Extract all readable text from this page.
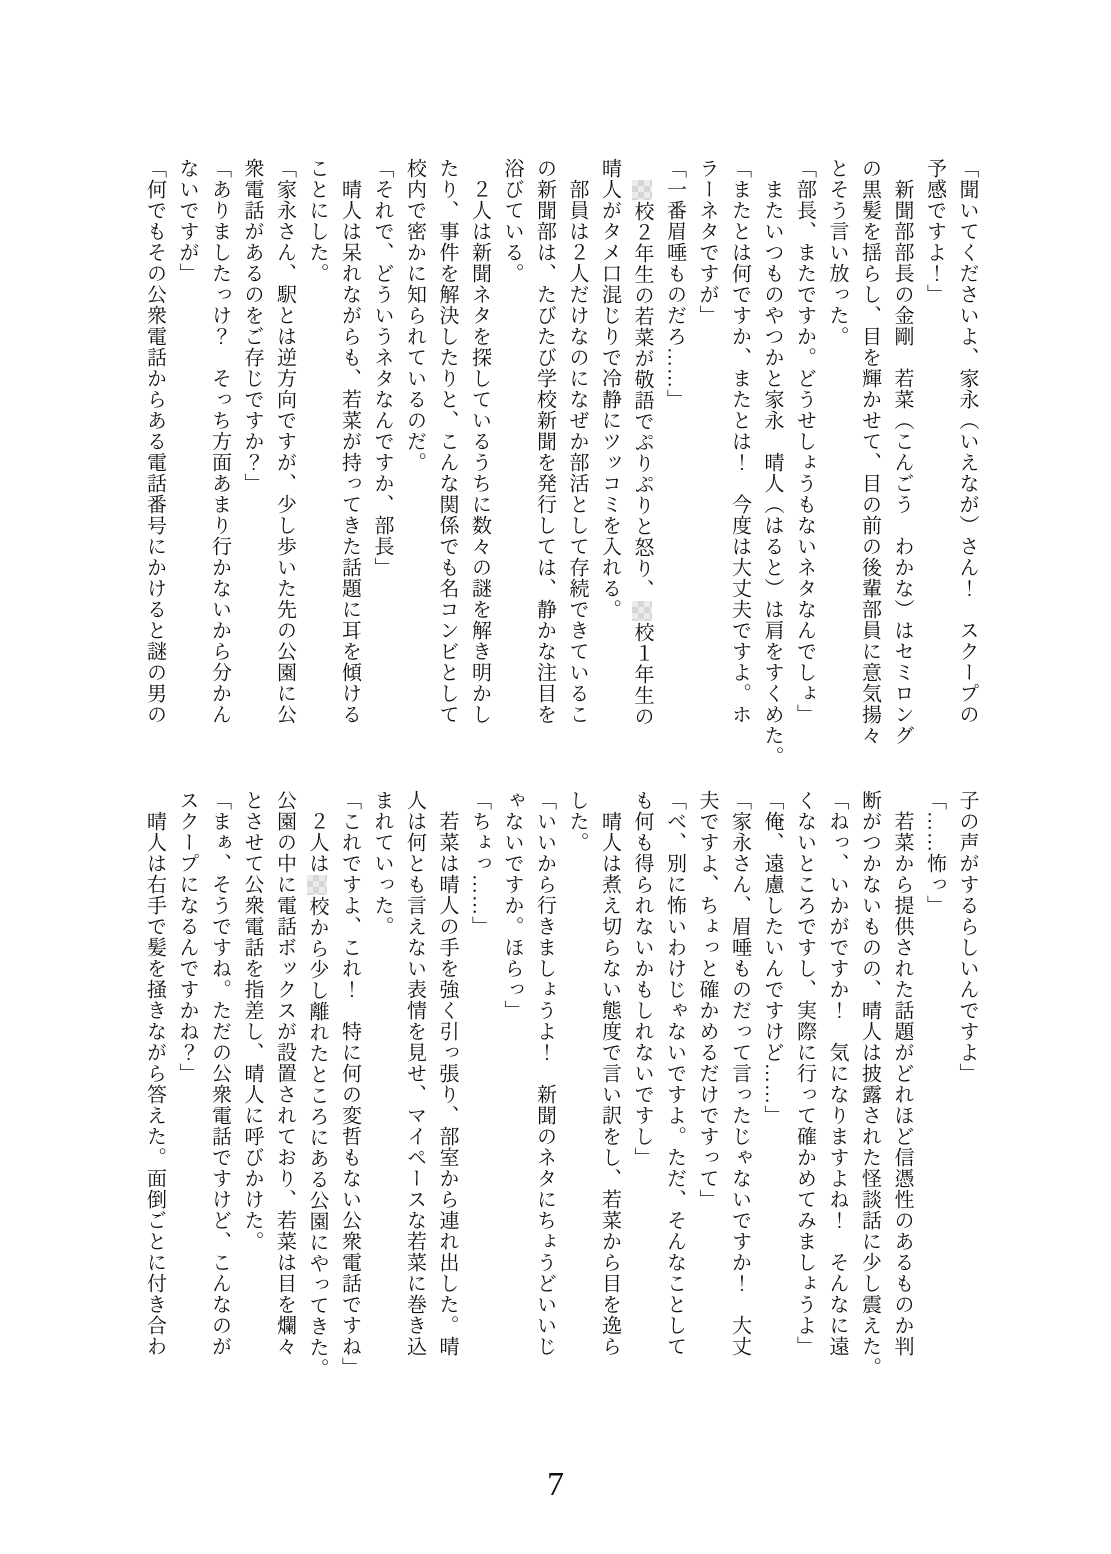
「聞いてくださいよ、家永（いえなが）さん！　スクープの

予感ですよ！」

　新聞部部長の金剛　若菜（こんごう　わかな）はセミロング

の黒髪を揺らし、目を輝かせて、目の前の後輩部員に意気揚々

とそう言い放った。

「部長、またですか。どうせしょうもないネタなんでしょ」

　またいつものやつかと家永　晴人（はると）は肩をすくめた。

「またとは何ですか、またとは！　今度は大丈夫ですよ。ホ

ラーネタですが」

「一番眉唾ものだろ……」

　校２年生の若菜が敬語でぷりぷりと怒り、校１年生の

晴人がタメ口混じりで冷静にツッコミを入れる。

　部員は２人だけなのになぜか部活として存続できているこ

の新聞部は、たびたび学校新聞を発行しては、静かな注目を

浴びている。

　２人は新聞ネタを探しているうちに数々の謎を解き明かし

たり、事件を解決したりと、こんな関係でも名コンビとして

校内で密かに知られているのだ。

「それで、どういうネタなんですか、部長」

　晴人は呆れながらも、若菜が持ってきた話題に耳を傾ける

ことにした。

「家永さん、駅とは逆方向ですが、少し歩いた先の公園に公

衆電話があるのをご存じですか？」

「ありましたっけ？　そっち方面あまり行かないから分かん

ないですが」

「何でもその公衆電話からある電話番号にかけると謎の男の

子の声がするらしいんですよ」

「……怖っ」

　若菜から提供された話題がどれほど信憑性のあるものか判

断がつかないものの、晴人は披露された怪談話に少し震えた。

「ねっ、いかがですか！　気になりますよね！　そんなに遠

くないところですし、実際に行って確かめてみましょうよ」

「俺、遠慮したいんですけど……」

「家永さん、眉唾ものだって言ったじゃないですか！　大丈

夫ですよ、ちょっと確かめるだけですって」

「べ、別に怖いわけじゃないですよ。ただ、そんなことして

も何も得られないかもしれないですし」

　晴人は煮え切らない態度で言い訳をし、若菜から目を逸ら

した。

「いいから行きましょうよ！　新聞のネタにちょうどいいじ

ゃないですか。ほらっ」

「ちょっ……」

　若菜は晴人の手を強く引っ張り、部室から連れ出した。晴

人は何とも言えない表情を見せ、マイペースな若菜に巻き込

まれていった。

「これですよ、これ！　特に何の変哲もない公衆電話ですね」

　２人は校から少し離れたところにある公園にやってきた。

公園の中に電話ボックスが設置されており、若菜は目を爛々

とさせて公衆電話を指差し、晴人に呼びかけた。

「まぁ、そうですね。ただの公衆電話ですけど、こんなのが

スクープになるんですかね？」

　晴人は右手で髪を掻きながら答えた。面倒ごとに付き合わ

7
